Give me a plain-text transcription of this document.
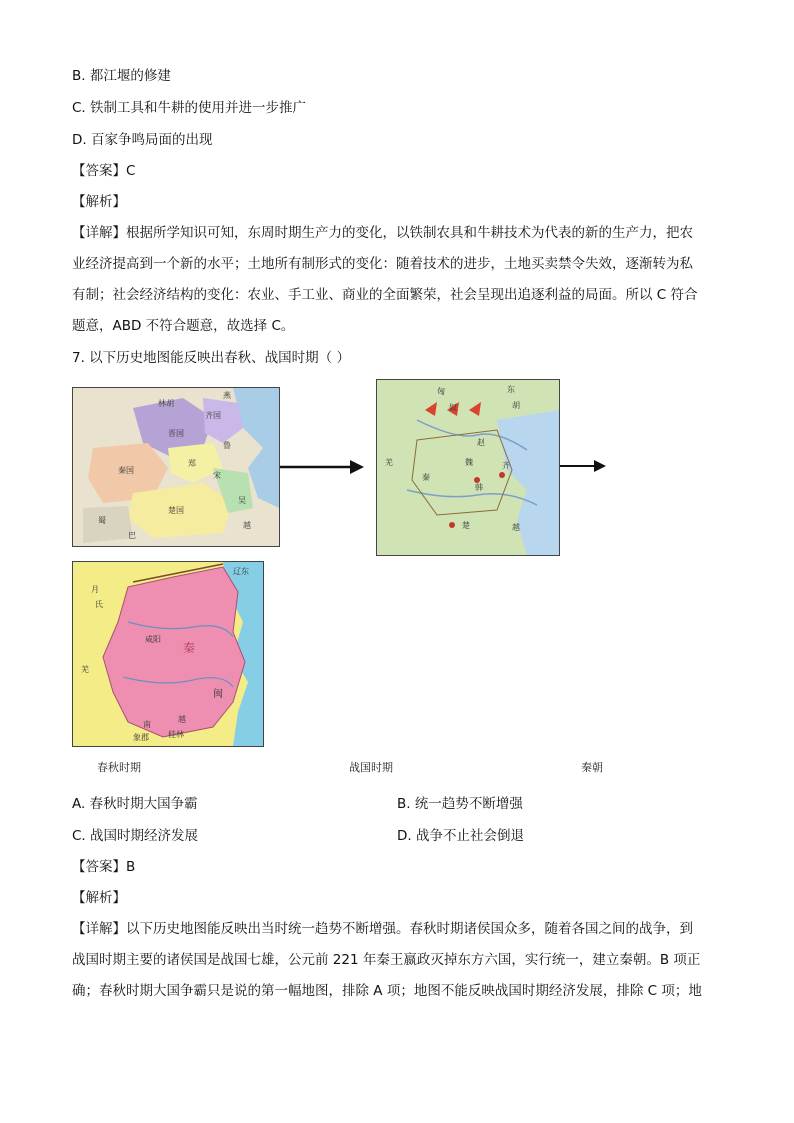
B. 都江堰的修建
C. 铁制工具和牛耕的使用并进一步推广
D. 百家争鸣局面的出现
【答案】C
【解析】
【详解】根据所学知识可知，东周时期生产力的变化，以铁制农具和牛耕技术为代表的新的生产力，把农
业经济提高到一个新的水平；土地所有制形式的变化：随着技术的进步，土地买卖禁令失效，逐渐转为私
有制；社会经济结构的变化：农业、手工业、商业的全面繁荣，社会呈现出追逐利益的局面。所以 C 符合
题意，ABD 不符合题意，故选择 C。
7. 以下历史地图能反映出春秋、战国时期（ ）
齐国
晋国
秦国
楚国
蜀
巴
林胡
燕
鲁
郑
宋
吴
越
匈
奴
东
胡
秦
魏
韩
赵
齐
楚	越
羌
月
氏
咸阳
秦
羌
闽
南
越
桂林
象郡
辽东
春秋时期	战国时期	秦朝
A. 春秋时期大国争霸	B. 统一趋势不断增强
C. 战国时期经济发展	D. 战争不止社会倒退
【答案】B
【解析】
【详解】以下历史地图能反映出当时统一趋势不断增强。春秋时期诸侯国众多，随着各国之间的战争，到
战国时期主要的诸侯国是战国七雄，公元前 221 年秦王嬴政灭掉东方六国，实行统一，建立秦朝。B 项正
确；春秋时期大国争霸只是说的第一幅地图，排除 A 项；地图不能反映战国时期经济发展，排除 C 项；地
